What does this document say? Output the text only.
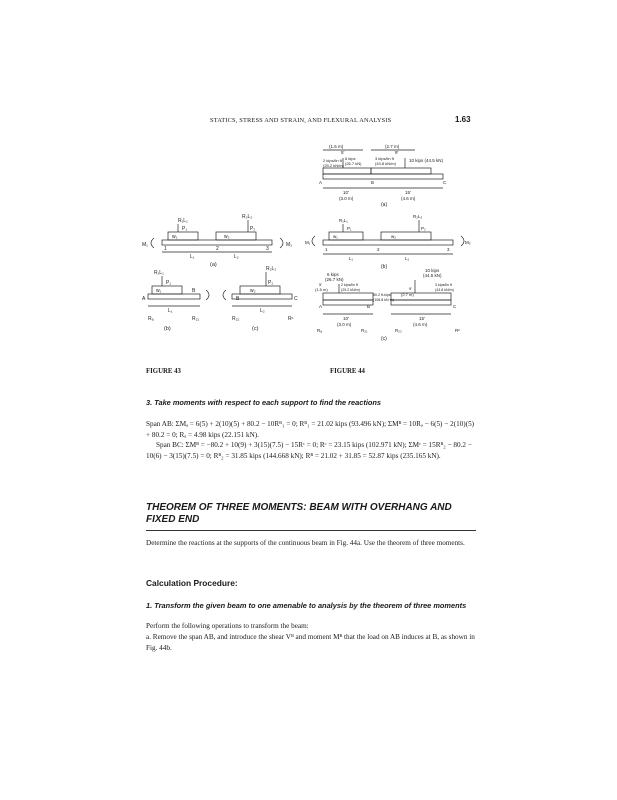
STATICS, STRESS AND STRAIN, AND FLEXURAL ANALYSIS	1.63
R₁L₁
R₂L₂
P₁	P₂
w₁	w₂
L₁	L₂
M₁	M₃
1	2	3
(a)
R₁L₁
P₁
w₁
L₁
A
B
Rₐ	R₂₁
(b)
R₂L₂
P₂
w₂
L₂
B	C
R₂₂	Rᶜ
(c)
(1.5 m)
5'
(2.7 m)
9'
6 kips
(26.7 kN)
2 kips/lin ft
(29.2 kN/m)
3 kips/lin ft
(43.8 kN/m)
10 kips (44.5 kN)
10'
(3.0 m)
15'
(4.6 m)
A	B	C
(a)
R₁L₁
R₂L₂
P₁	P₂
w₁	w₂
L₁	L₂
M₁	M₃
1	2	3
(b)
6 kips
(26.7 kN)
10 kips
(44.5 kN)
5'
(1.5 m)
2 kips/lin ft
(29.2 kN/m)
3 kips/lin ft
(43.8 kN/m)
80.2 ft-kips
(108.8 kN·m)
9'
(2.7 m)
10'
(3.0 m)
15'
(4.6 m)
A	B	C
Rₐ	R₂₁	R₂₂	Rᶜ
(c)
FIGURE 43	FIGURE 44
3. Take moments with respect to each support to find the reactions

Span AB: ΣMₐ = 6(5) + 2(10)(5) + 80.2 − 10Rᴮ₁ = 0; Rᴮ₁ = 21.02 kips (93.496 kN); ΣMᴮ = 10Rₐ − 6(5) − 2(10)(5) + 80.2 = 0; Rₐ = 4.98 kips (22.151 kN).
Span BC: ΣMᴮ = −80.2 + 10(9) + 3(15)(7.5) − 15Rᶜ = 0; Rᶜ = 23.15 kips (102.971 kN); ΣMᶜ = 15Rᴮ₂ − 80.2 − 10(6) − 3(15)(7.5) = 0; Rᴮ₂ = 31.85 kips (144.668 kN); Rᴮ = 21.02 + 31.85 = 52.87 kips (235.165 kN).

THEOREM OF THREE MOMENTS: BEAM WITH OVERHANG AND FIXED END

Determine the reactions at the supports of the continuous beam in Fig. 44a. Use the theorem of three moments.

Calculation Procedure:
1. Transform the given beam to one amenable to analysis by the theorem of three moments

Perform the following operations to transform the beam:

a. Remove the span AB, and introduce the shear Vᴮ and moment Mᴮ that the load on AB induces at B, as shown in Fig. 44b.
